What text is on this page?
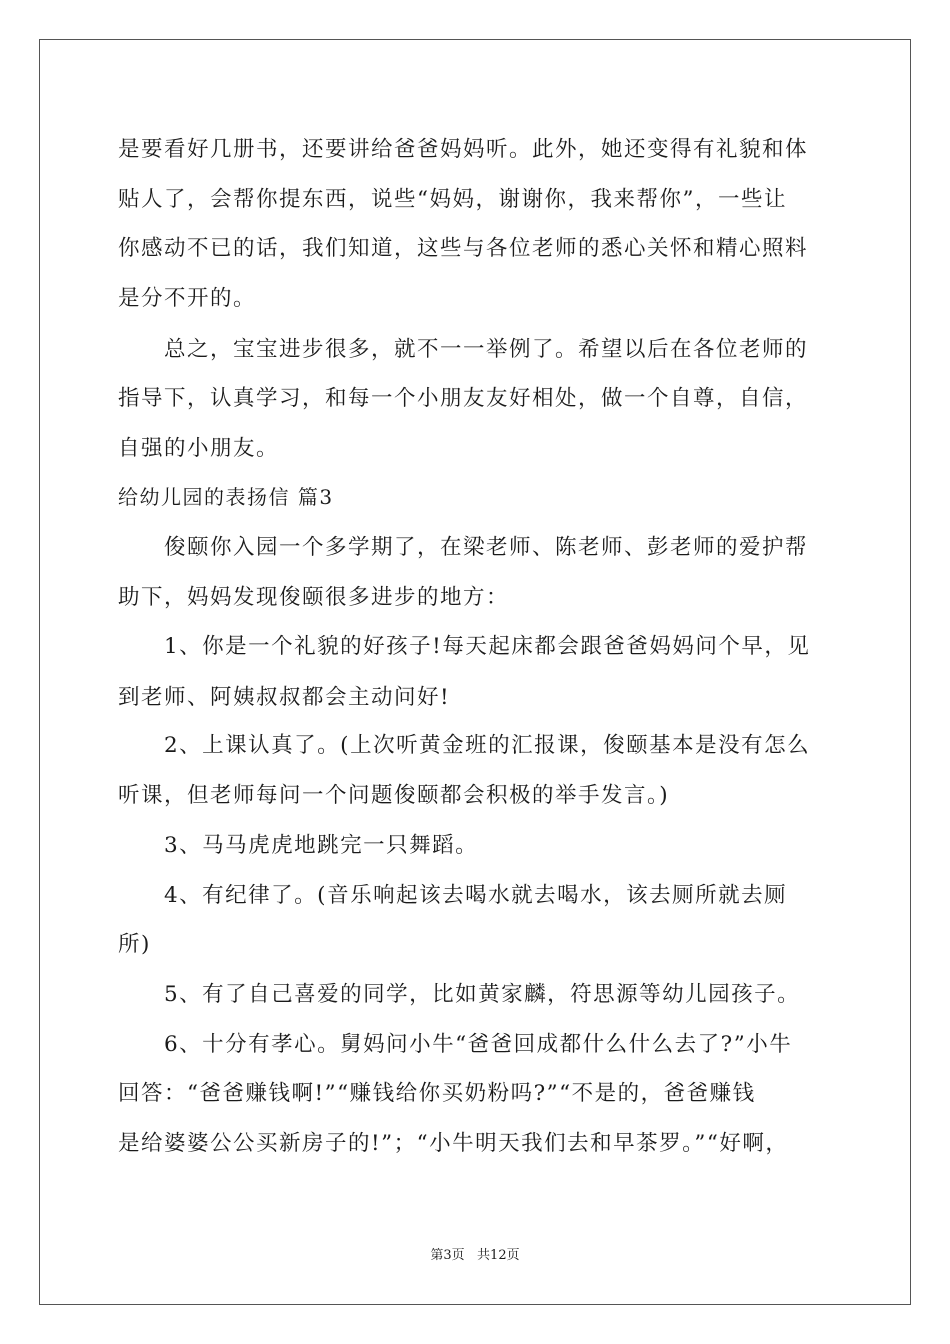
是要看好几册书，还要讲给爸爸妈妈听。此外，她还变得有礼貌和体
贴人了，会帮你提东西，说些“妈妈，谢谢你，我来帮你”，一些让
你感动不已的话，我们知道，这些与各位老师的悉心关怀和精心照料
是分不开的。
总之，宝宝进步很多，就不一一举例了。希望以后在各位老师的
指导下，认真学习，和每一个小朋友友好相处，做一个自尊，自信，
自强的小朋友。
给幼儿园的表扬信 篇3
俊颐你入园一个多学期了，在梁老师、陈老师、彭老师的爱护帮
助下，妈妈发现俊颐很多进步的地方：
1、你是一个礼貌的好孩子!每天起床都会跟爸爸妈妈问个早，见
到老师、阿姨叔叔都会主动问好!
2、上课认真了。(上次听黄金班的汇报课，俊颐基本是没有怎么
听课，但老师每问一个问题俊颐都会积极的举手发言。)
3、马马虎虎地跳完一只舞蹈。
4、有纪律了。(音乐响起该去喝水就去喝水，该去厕所就去厕
所)
5、有了自己喜爱的同学，比如黄家麟，符思源等幼儿园孩子。
6、十分有孝心。舅妈问小牛“爸爸回成都什么什么去了?”小牛
回答：“爸爸赚钱啊!”“赚钱给你买奶粉吗?”“不是的，爸爸赚钱
是给婆婆公公买新房子的!”；“小牛明天我们去和早茶罗。”“好啊，
第3页   共12页
